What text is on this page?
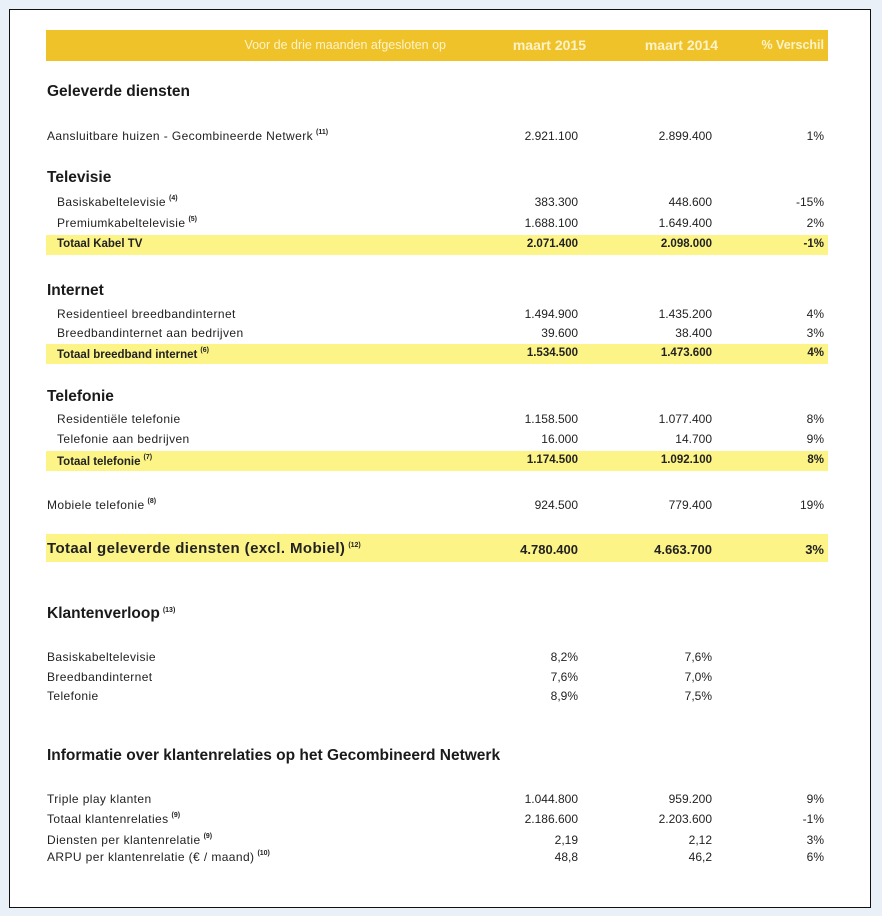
Voor de drie maanden afgesloten op	maart 2015	maart 2014	% Verschil
Geleverde diensten
Aansluitbare huizen - Gecombineerde Netwerk $^{(11)}$	2.921.100	2.899.400	1%
Televisie
Basiskabeltelevisie $^{(4)}$	383.300	448.600	-15%
Premiumkabeltelevisie $^{(5)}$	1.688.100	1.649.400	2%
Totaal Kabel TV	2.071.400	2.098.000	-1%
Internet
Residentieel breedbandinternet	1.494.900	1.435.200	4%
Breedbandinternet aan bedrijven	39.600	38.400	3%
Totaal breedband internet $^{(6)}$	1.534.500	1.473.600	4%
Telefonie
Residentiële telefonie	1.158.500	1.077.400	8%
Telefonie aan bedrijven	16.000	14.700	9%
Totaal telefonie $^{(7)}$	1.174.500	1.092.100	8%
Mobiele telefonie $^{(8)}$	924.500	779.400	19%
Totaal geleverde diensten (excl. Mobiel) $^{(12)}$	4.780.400	4.663.700	3%
Klantenverloop $^{(13)}$
Basiskabeltelevisie	8,2%	7,6%
Breedbandinternet	7,6%	7,0%
Telefonie	8,9%	7,5%
Informatie over klantenrelaties op het Gecombineerd Netwerk
Triple play klanten	1.044.800	959.200	9%
Totaal klantenrelaties $^{(9)}$	2.186.600	2.203.600	-1%
Diensten per klantenrelatie $^{(9)}$	2,19	2,12	3%
ARPU per klantenrelatie (€ / maand) $^{(10)}$	48,8	46,2	6%
